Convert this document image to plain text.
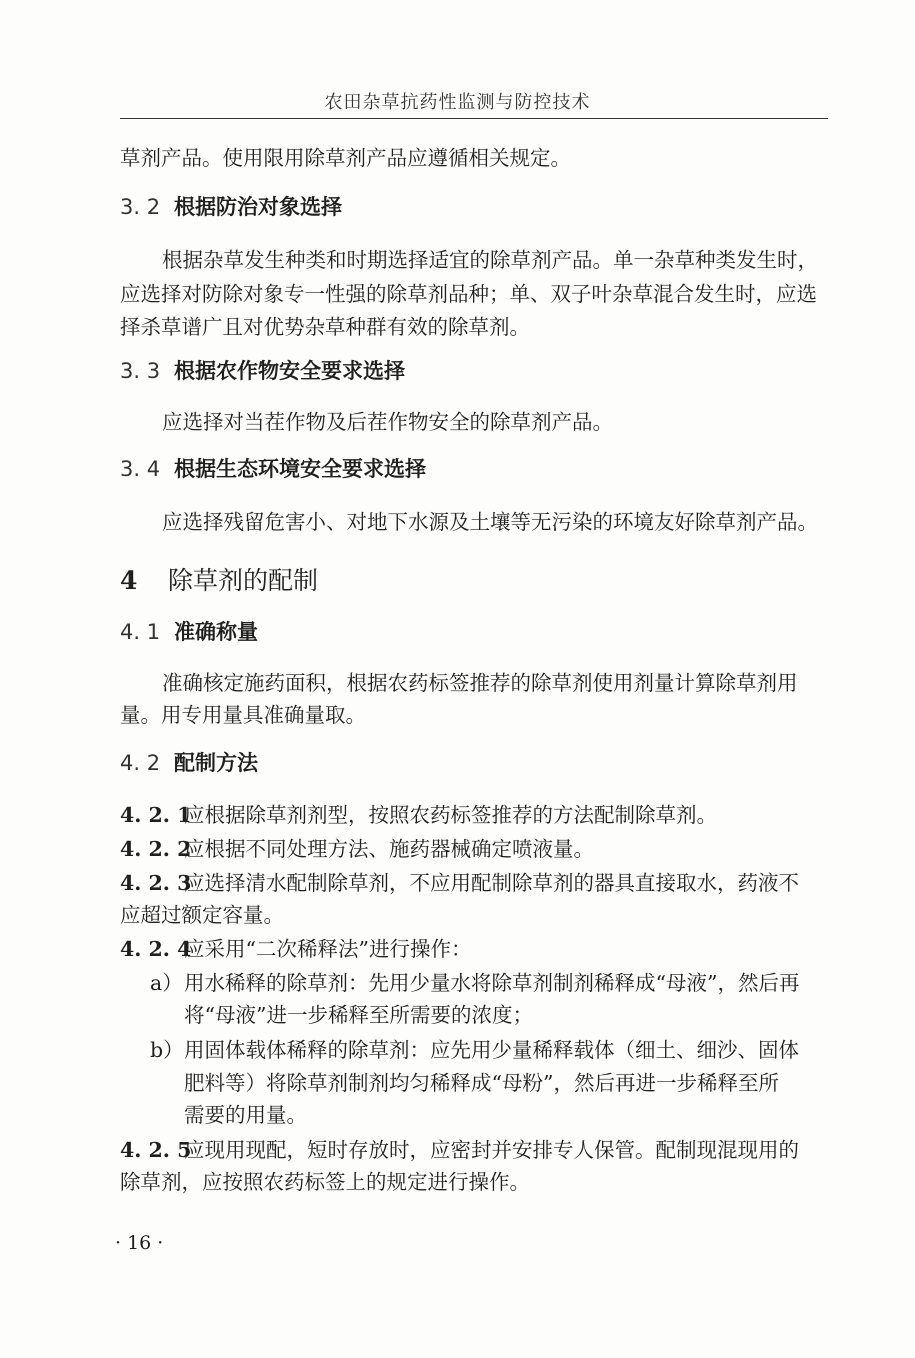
农田杂草抗药性监测与防控技术
草剂产品。使用限用除草剂产品应遵循相关规定。
3. 2 根据防治对象选择
根据杂草发生种类和时期选择适宜的除草剂产品。单一杂草种类发生时，
应选择对防除对象专一性强的除草剂品种；单、双子叶杂草混合发生时，应选
择杀草谱广且对优势杂草种群有效的除草剂。
3. 3 根据农作物安全要求选择
应选择对当茬作物及后茬作物安全的除草剂产品。
3. 4 根据生态环境安全要求选择
应选择残留危害小、对地下水源及土壤等无污染的环境友好除草剂产品。
4 除草剂的配制
4. 1 准确称量
准确核定施药面积，根据农药标签推荐的除草剂使用剂量计算除草剂用
量。用专用量具准确量取。
4. 2 配制方法
4. 2. 1应根据除草剂剂型，按照农药标签推荐的方法配制除草剂。
4. 2. 2应根据不同处理方法、施药器械确定喷液量。
4. 2. 3应选择清水配制除草剂，不应用配制除草剂的器具直接取水，药液不
应超过额定容量。
4. 2. 4应采用“二次稀释法”进行操作：
a）用水稀释的除草剂：先用少量水将除草剂制剂稀释成“母液”，然后再
将“母液”进一步稀释至所需要的浓度；
b）用固体载体稀释的除草剂：应先用少量稀释载体（细土、细沙、固体
肥料等）将除草剂制剂均匀稀释成“母粉”，然后再进一步稀释至所
需要的用量。
4. 2. 5应现用现配，短时存放时，应密封并安排专人保管。配制现混现用的
除草剂，应按照农药标签上的规定进行操作。
· 16 ·
